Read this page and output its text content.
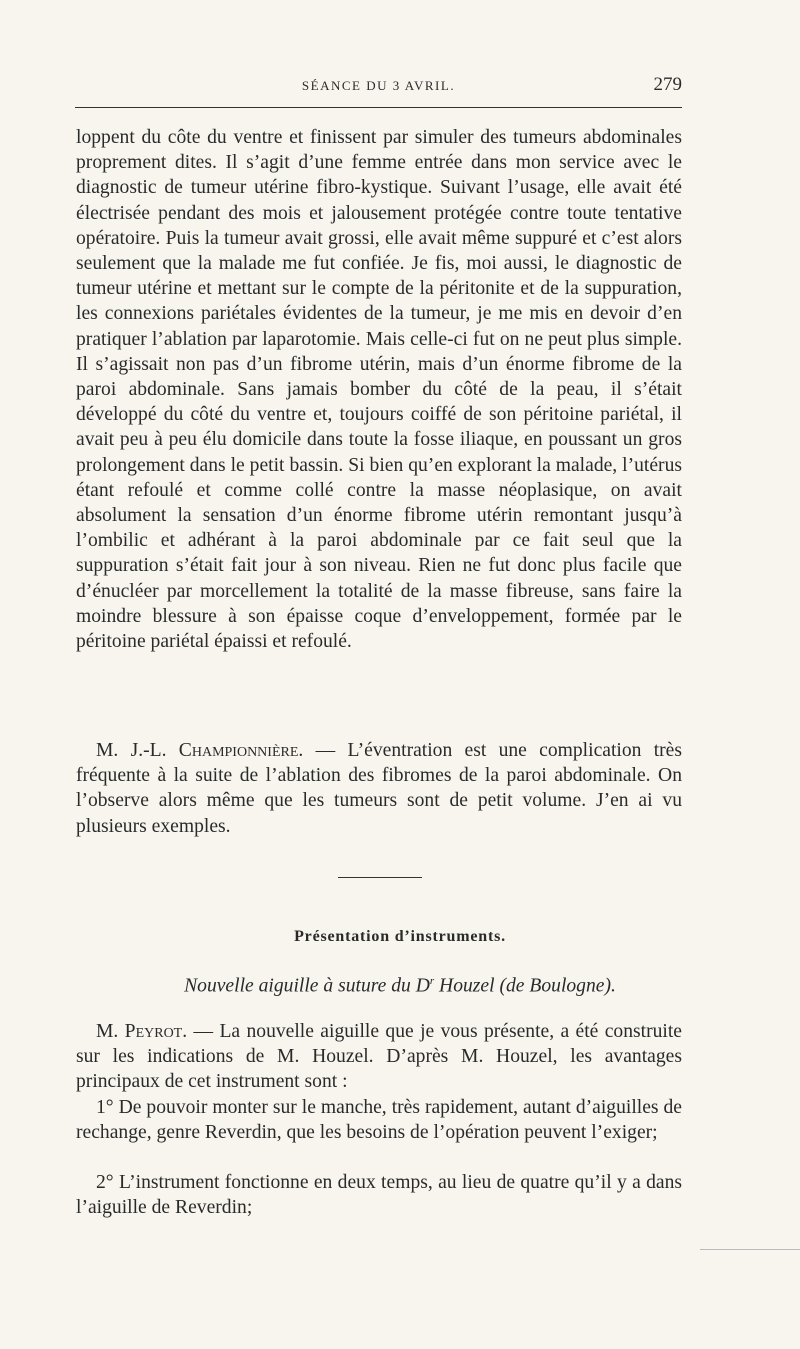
SÉANCE DU 3 AVRIL.	279

loppent du côte du ventre et finissent par simuler des tumeurs abdominales proprement dites. Il s’agit d’une femme entrée dans mon service avec le diagnostic de tumeur utérine fibro-kystique. Suivant l’usage, elle avait été électrisée pendant des mois et jalousement protégée contre toute tentative opératoire. Puis la tumeur avait grossi, elle avait même suppuré et c’est alors seulement que la malade me fut confiée. Je fis, moi aussi, le diagnostic de tumeur utérine et mettant sur le compte de la péritonite et de la suppuration, les connexions pariétales évidentes de la tumeur, je me mis en devoir d’en pratiquer l’ablation par laparotomie. Mais celle-ci fut on ne peut plus simple. Il s’agissait non pas d’un fibrome utérin, mais d’un énorme fibrome de la paroi abdominale. Sans jamais bomber du côté de la peau, il s’était développé du côté du ventre et, toujours coiffé de son péritoine pariétal, il avait peu à peu élu domicile dans toute la fosse iliaque, en poussant un gros prolongement dans le petit bassin. Si bien qu’en explorant la malade, l’utérus étant refoulé et comme collé contre la masse néoplasique, on avait absolument la sensation d’un énorme fibrome utérin remontant jusqu’à l’ombilic et adhérant à la paroi abdominale par ce fait seul que la suppuration s’était fait jour à son niveau. Rien ne fut donc plus facile que d’énucléer par morcellement la totalité de la masse fibreuse, sans faire la moindre blessure à son épaisse coque d’enveloppement, formée par le péritoine pariétal épaissi et refoulé.

M. J.-L. Championnière. — L’éventration est une complication très fréquente à la suite de l’ablation des fibromes de la paroi abdominale. On l’observe alors même que les tumeurs sont de petit volume. J’en ai vu plusieurs exemples.

Présentation d’instruments.
Nouvelle aiguille à suture du $D^r$ Houzel (de Boulogne).

M. Peyrot. — La nouvelle aiguille que je vous présente, a été construite sur les indications de M. Houzel. D’après M. Houzel, les avantages principaux de cet instrument sont :

1° De pouvoir monter sur le manche, très rapidement, autant d’aiguilles de rechange, genre Reverdin, que les besoins de l’opération peuvent l’exiger;

2° L’instrument fonctionne en deux temps, au lieu de quatre qu’il y a dans l’aiguille de Reverdin;
